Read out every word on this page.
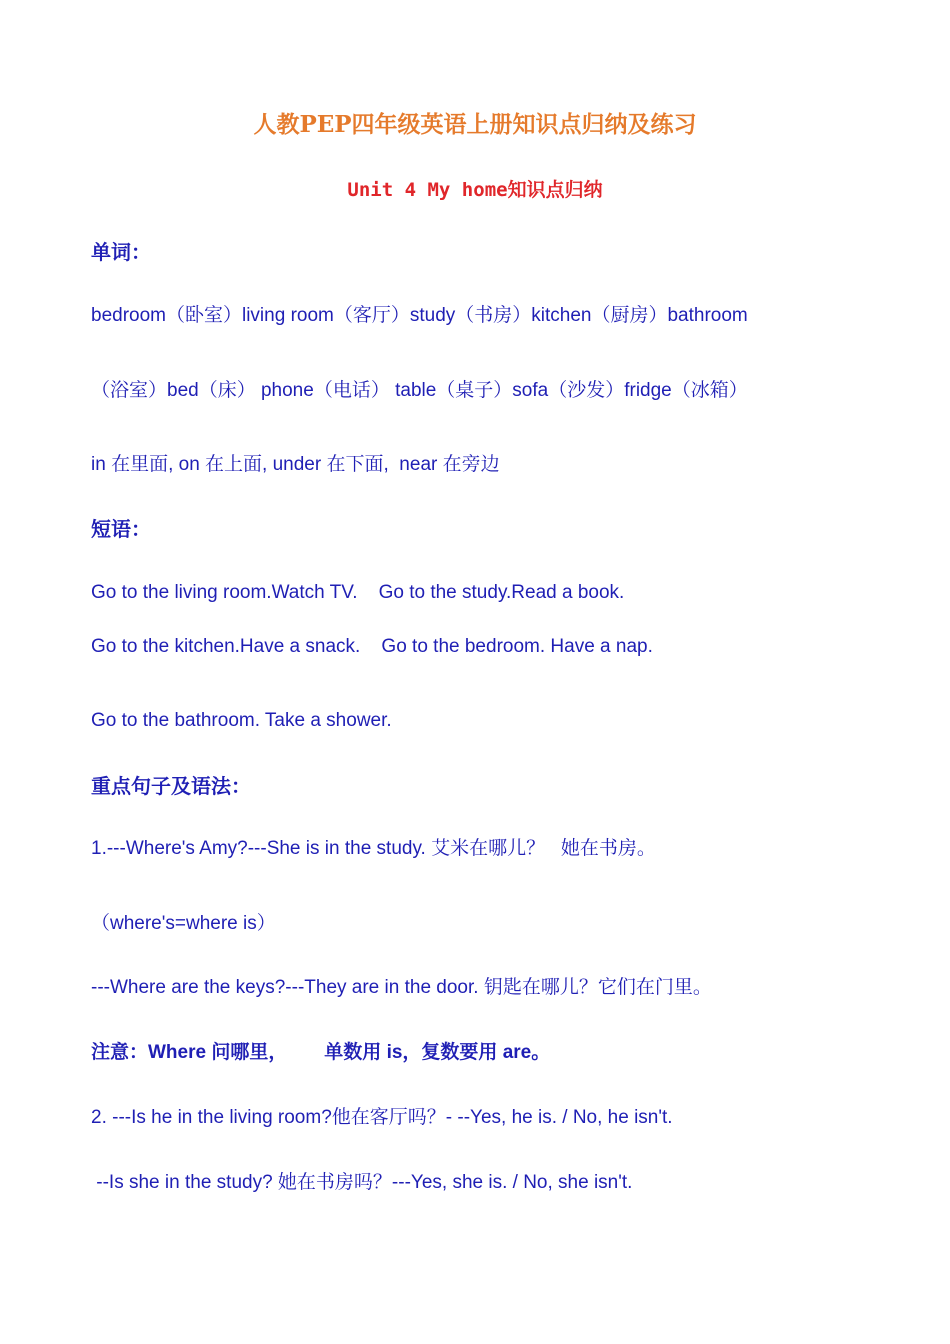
人教PEP四年级英语上册知识点归纳及练习
Unit 4 My home知识点归纳
单词：
bedroom（卧室）living room（客厅）study（书房）kitchen（厨房）bathroom
（浴室）bed（床） phone（电话） table（桌子）sofa（沙发）fridge（冰箱）
in 在里面, on 在上面, under 在下面,  near 在旁边
短语：
Go to the living room.Watch TV.    Go to the study.Read a book.
Go to the kitchen.Have a snack.    Go to the bedroom. Have a nap.
Go to the bathroom. Take a shower.
重点句子及语法：
1.---Where's Amy?---She is in the study. 艾米在哪儿？   她在书房。
（where's=where is）
---Where are the keys?---They are in the door. 钥匙在哪儿？它们在门里。
注意：Where 问哪里，       单数用 is，复数要用 are。
2. ---Is he in the living room?他在客厅吗？- --Yes, he is. / No, he isn't.
--Is she in the study? 她在书房吗？---Yes, she is. / No, she isn't.
